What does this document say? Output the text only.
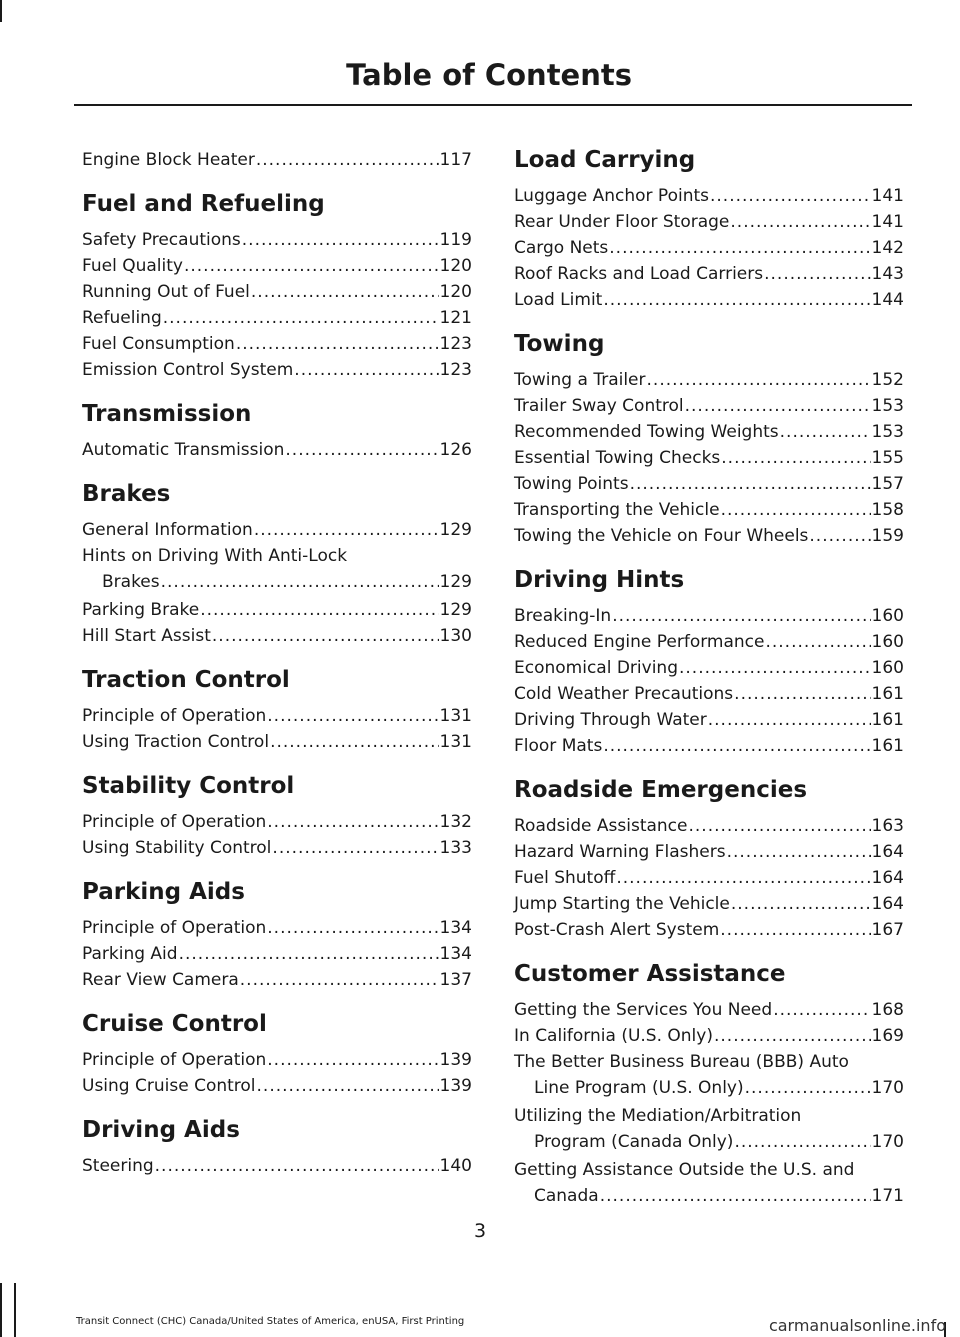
Table of Contents
Engine Block Heater .....	117
Fuel and Refueling
Safety Precautions .....	119
Fuel Quality .....	120
Running Out of Fuel .....	120
Refueling .....	121
Fuel Consumption .....	123
Emission Control System .....	123
Transmission
Automatic Transmission .....	126
Brakes
General Information .....	129
Hints on Driving With Anti-Lock
Brakes .....	129
Parking Brake .....	129
Hill Start Assist .....	130
Traction Control
Principle of Operation .....	131
Using Traction Control .....	131
Stability Control
Principle of Operation .....	132
Using Stability Control .....	133
Parking Aids
Principle of Operation .....	134
Parking Aid .....	134
Rear View Camera .....	137
Cruise Control
Principle of Operation .....	139
Using Cruise Control .....	139
Driving Aids
Steering .....	140
Load Carrying
Luggage Anchor Points .....	141
Rear Under Floor Storage .....	141
Cargo Nets .....	142
Roof Racks and Load Carriers .....	143
Load Limit .....	144
Towing
Towing a Trailer .....	152
Trailer Sway Control .....	153
Recommended Towing Weights .....	153
Essential Towing Checks .....	155
Towing Points .....	157
Transporting the Vehicle .....	158
Towing the Vehicle on Four Wheels .....	159
Driving Hints
Breaking-In .....	160
Reduced Engine Performance .....	160
Economical Driving .....	160
Cold Weather Precautions .....	161
Driving Through Water .....	161
Floor Mats .....	161
Roadside Emergencies
Roadside Assistance .....	163
Hazard Warning Flashers .....	164
Fuel Shutoff .....	164
Jump Starting the Vehicle .....	164
Post-Crash Alert System .....	167
Customer Assistance
Getting the Services You Need .....	168
In California (U.S. Only) .....	169
The Better Business Bureau (BBB) Auto
Line Program (U.S. Only) .....	170
Utilizing the Mediation/Arbitration
Program (Canada Only) .....	170
Getting Assistance Outside the U.S. and
Canada .....	171
3
Transit Connect (CHC) Canada/United States of America, enUSA, First Printing	carmanualsonline.info
